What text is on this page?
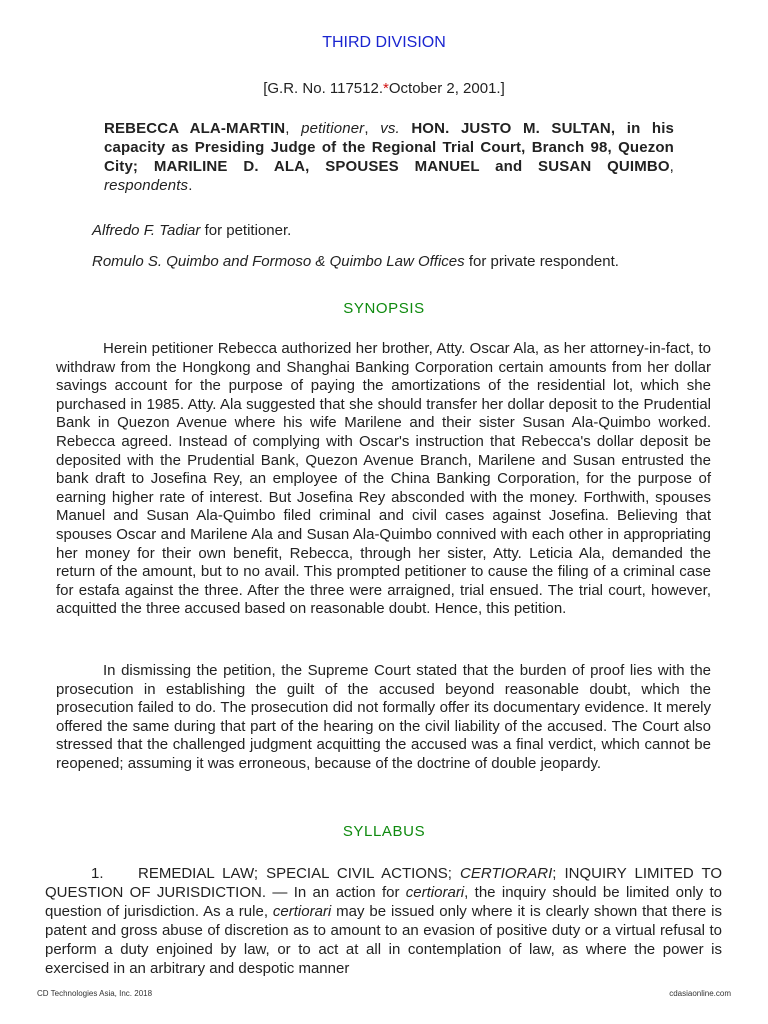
THIRD DIVISION
[G.R. No. 117512.*October 2, 2001.]
REBECCA ALA-MARTIN, petitioner, vs. HON. JUSTO M. SULTAN, in his capacity as Presiding Judge of the Regional Trial Court, Branch 98, Quezon City; MARILINE D. ALA, SPOUSES MANUEL and SUSAN QUIMBO, respondents.
Alfredo F. Tadiar for petitioner.
Romulo S. Quimbo and Formoso & Quimbo Law Offices for private respondent.
SYNOPSIS
Herein petitioner Rebecca authorized her brother, Atty. Oscar Ala, as her attorney-in-fact, to withdraw from the Hongkong and Shanghai Banking Corporation certain amounts from her dollar savings account for the purpose of paying the amortizations of the residential lot, which she purchased in 1985. Atty. Ala suggested that she should transfer her dollar deposit to the Prudential Bank in Quezon Avenue where his wife Marilene and their sister Susan Ala-Quimbo worked. Rebecca agreed. Instead of complying with Oscar's instruction that Rebecca's dollar deposit be deposited with the Prudential Bank, Quezon Avenue Branch, Marilene and Susan entrusted the bank draft to Josefina Rey, an employee of the China Banking Corporation, for the purpose of earning higher rate of interest. But Josefina Rey absconded with the money. Forthwith, spouses Manuel and Susan Ala-Quimbo filed criminal and civil cases against Josefina. Believing that spouses Oscar and Marilene Ala and Susan Ala-Quimbo connived with each other in appropriating her money for their own benefit, Rebecca, through her sister, Atty. Leticia Ala, demanded the return of the amount, but to no avail. This prompted petitioner to cause the filing of a criminal case for estafa against the three. After the three were arraigned, trial ensued. The trial court, however, acquitted the three accused based on reasonable doubt. Hence, this petition.
In dismissing the petition, the Supreme Court stated that the burden of proof lies with the prosecution in establishing the guilt of the accused beyond reasonable doubt, which the prosecution failed to do. The prosecution did not formally offer its documentary evidence. It merely offered the same during that part of the hearing on the civil liability of the accused. The Court also stressed that the challenged judgment acquitting the accused was a final verdict, which cannot be reopened; assuming it was erroneous, because of the doctrine of double jeopardy.
SYLLABUS
1. REMEDIAL LAW; SPECIAL CIVIL ACTIONS; CERTIORARI; INQUIRY LIMITED TO QUESTION OF JURISDICTION. — In an action for certiorari, the inquiry should be limited only to question of jurisdiction. As a rule, certiorari may be issued only where it is clearly shown that there is patent and gross abuse of discretion as to amount to an evasion of positive duty or a virtual refusal to perform a duty enjoined by law, or to act at all in contemplation of law, as where the power is exercised in an arbitrary and despotic manner
CD Technologies Asia, Inc. 2018	cdasiaonline.com
